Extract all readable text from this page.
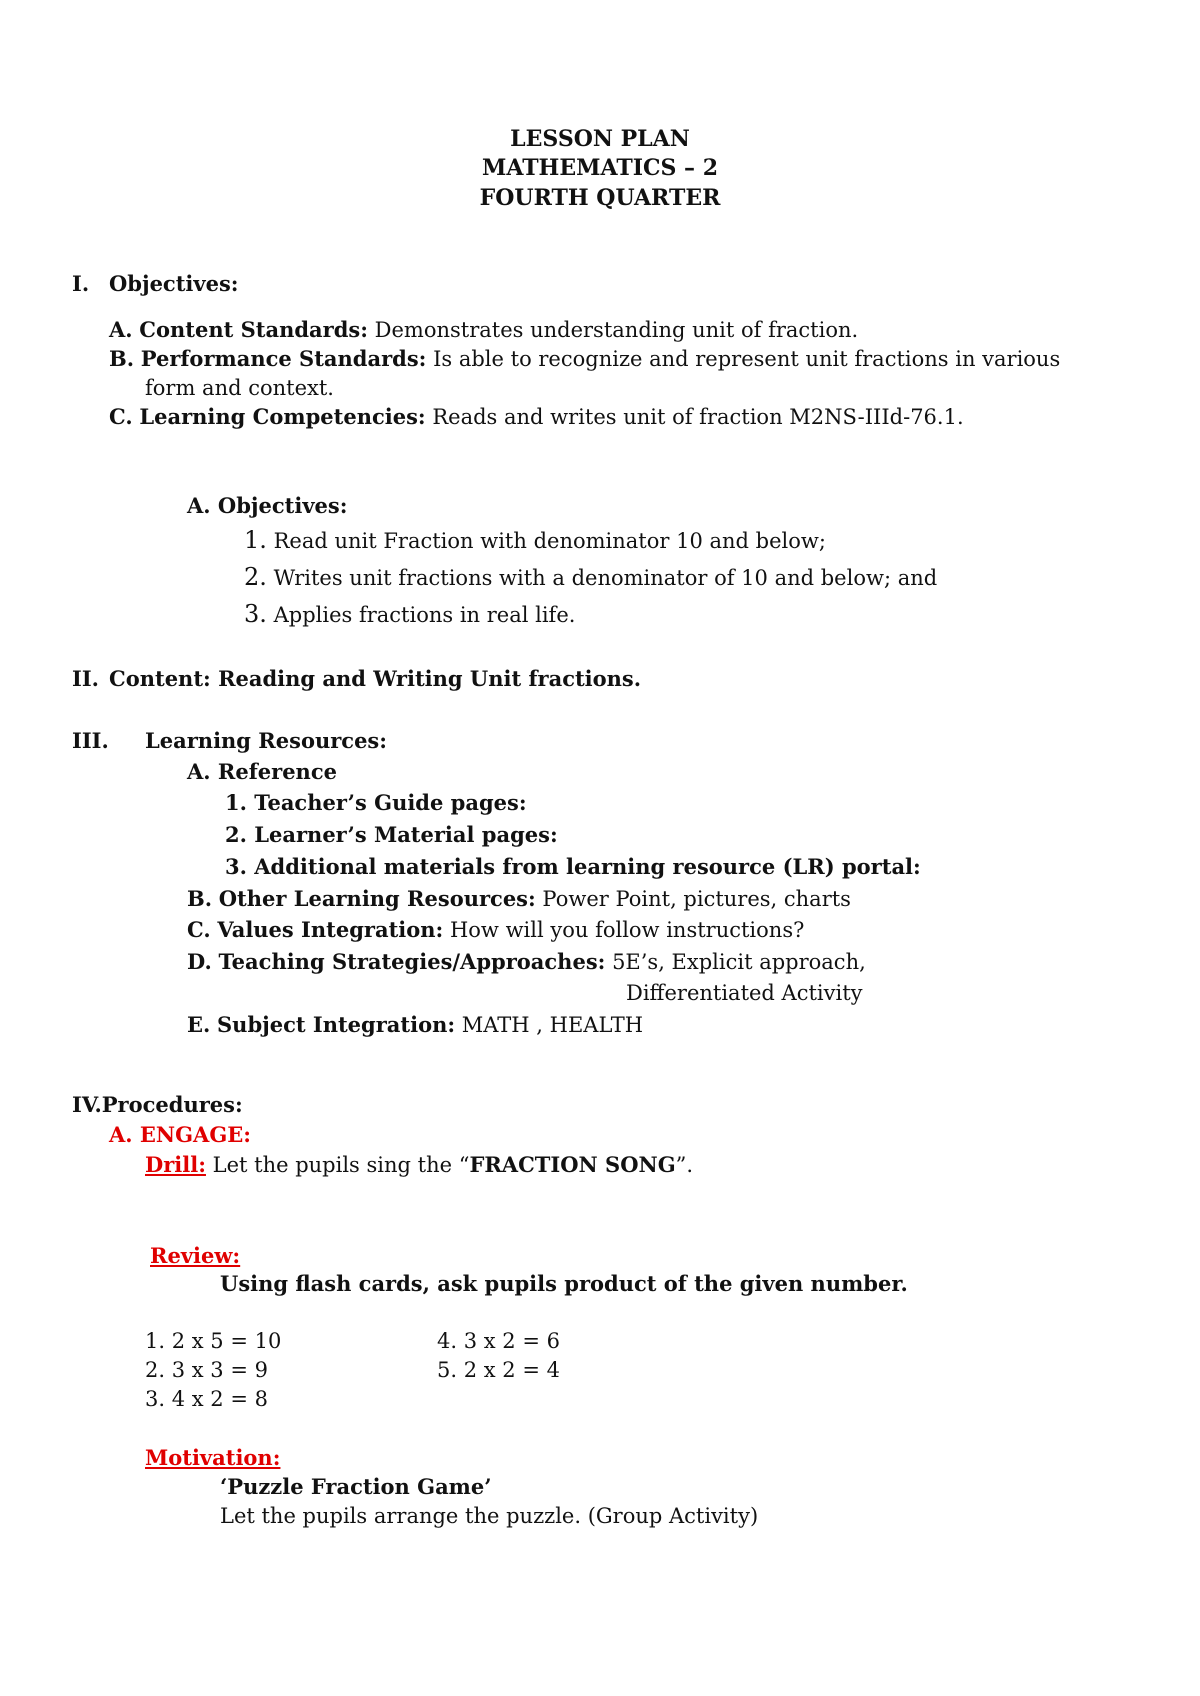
LESSON PLAN
MATHEMATICS – 2
FOURTH QUARTER
I. Objectives:
A. Content Standards: Demonstrates understanding unit of fraction.
B. Performance Standards: Is able to recognize and represent unit fractions in various
form and context.
C. Learning Competencies: Reads and writes unit of fraction M2NS-IIId-76.1.
A. Objectives:
1. Read unit Fraction with denominator 10 and below;
2. Writes unit fractions with a denominator of 10 and below; and
3. Applies fractions in real life.
II. Content: Reading and Writing Unit fractions.
III. Learning Resources:
A. Reference
1. Teacher’s Guide pages:
2. Learner’s Material pages:
3. Additional materials from learning resource (LR) portal:
B. Other Learning Resources: Power Point, pictures, charts
C. Values Integration: How will you follow instructions?
D. Teaching Strategies/Approaches: 5E’s, Explicit approach,
Differentiated Activity
E. Subject Integration: MATH , HEALTH
IV.Procedures:
A. ENGAGE:
Drill: Let the pupils sing the “FRACTION SONG”.
Review:
Using flash cards, ask pupils product of the given number.
1. 2 x 5 = 10
2. 3 x 3 = 9
3. 4 x 2 = 8
4. 3 x 2 = 6
5. 2 x 2 = 4
Motivation:
‘Puzzle Fraction Game’
Let the pupils arrange the puzzle. (Group Activity)
